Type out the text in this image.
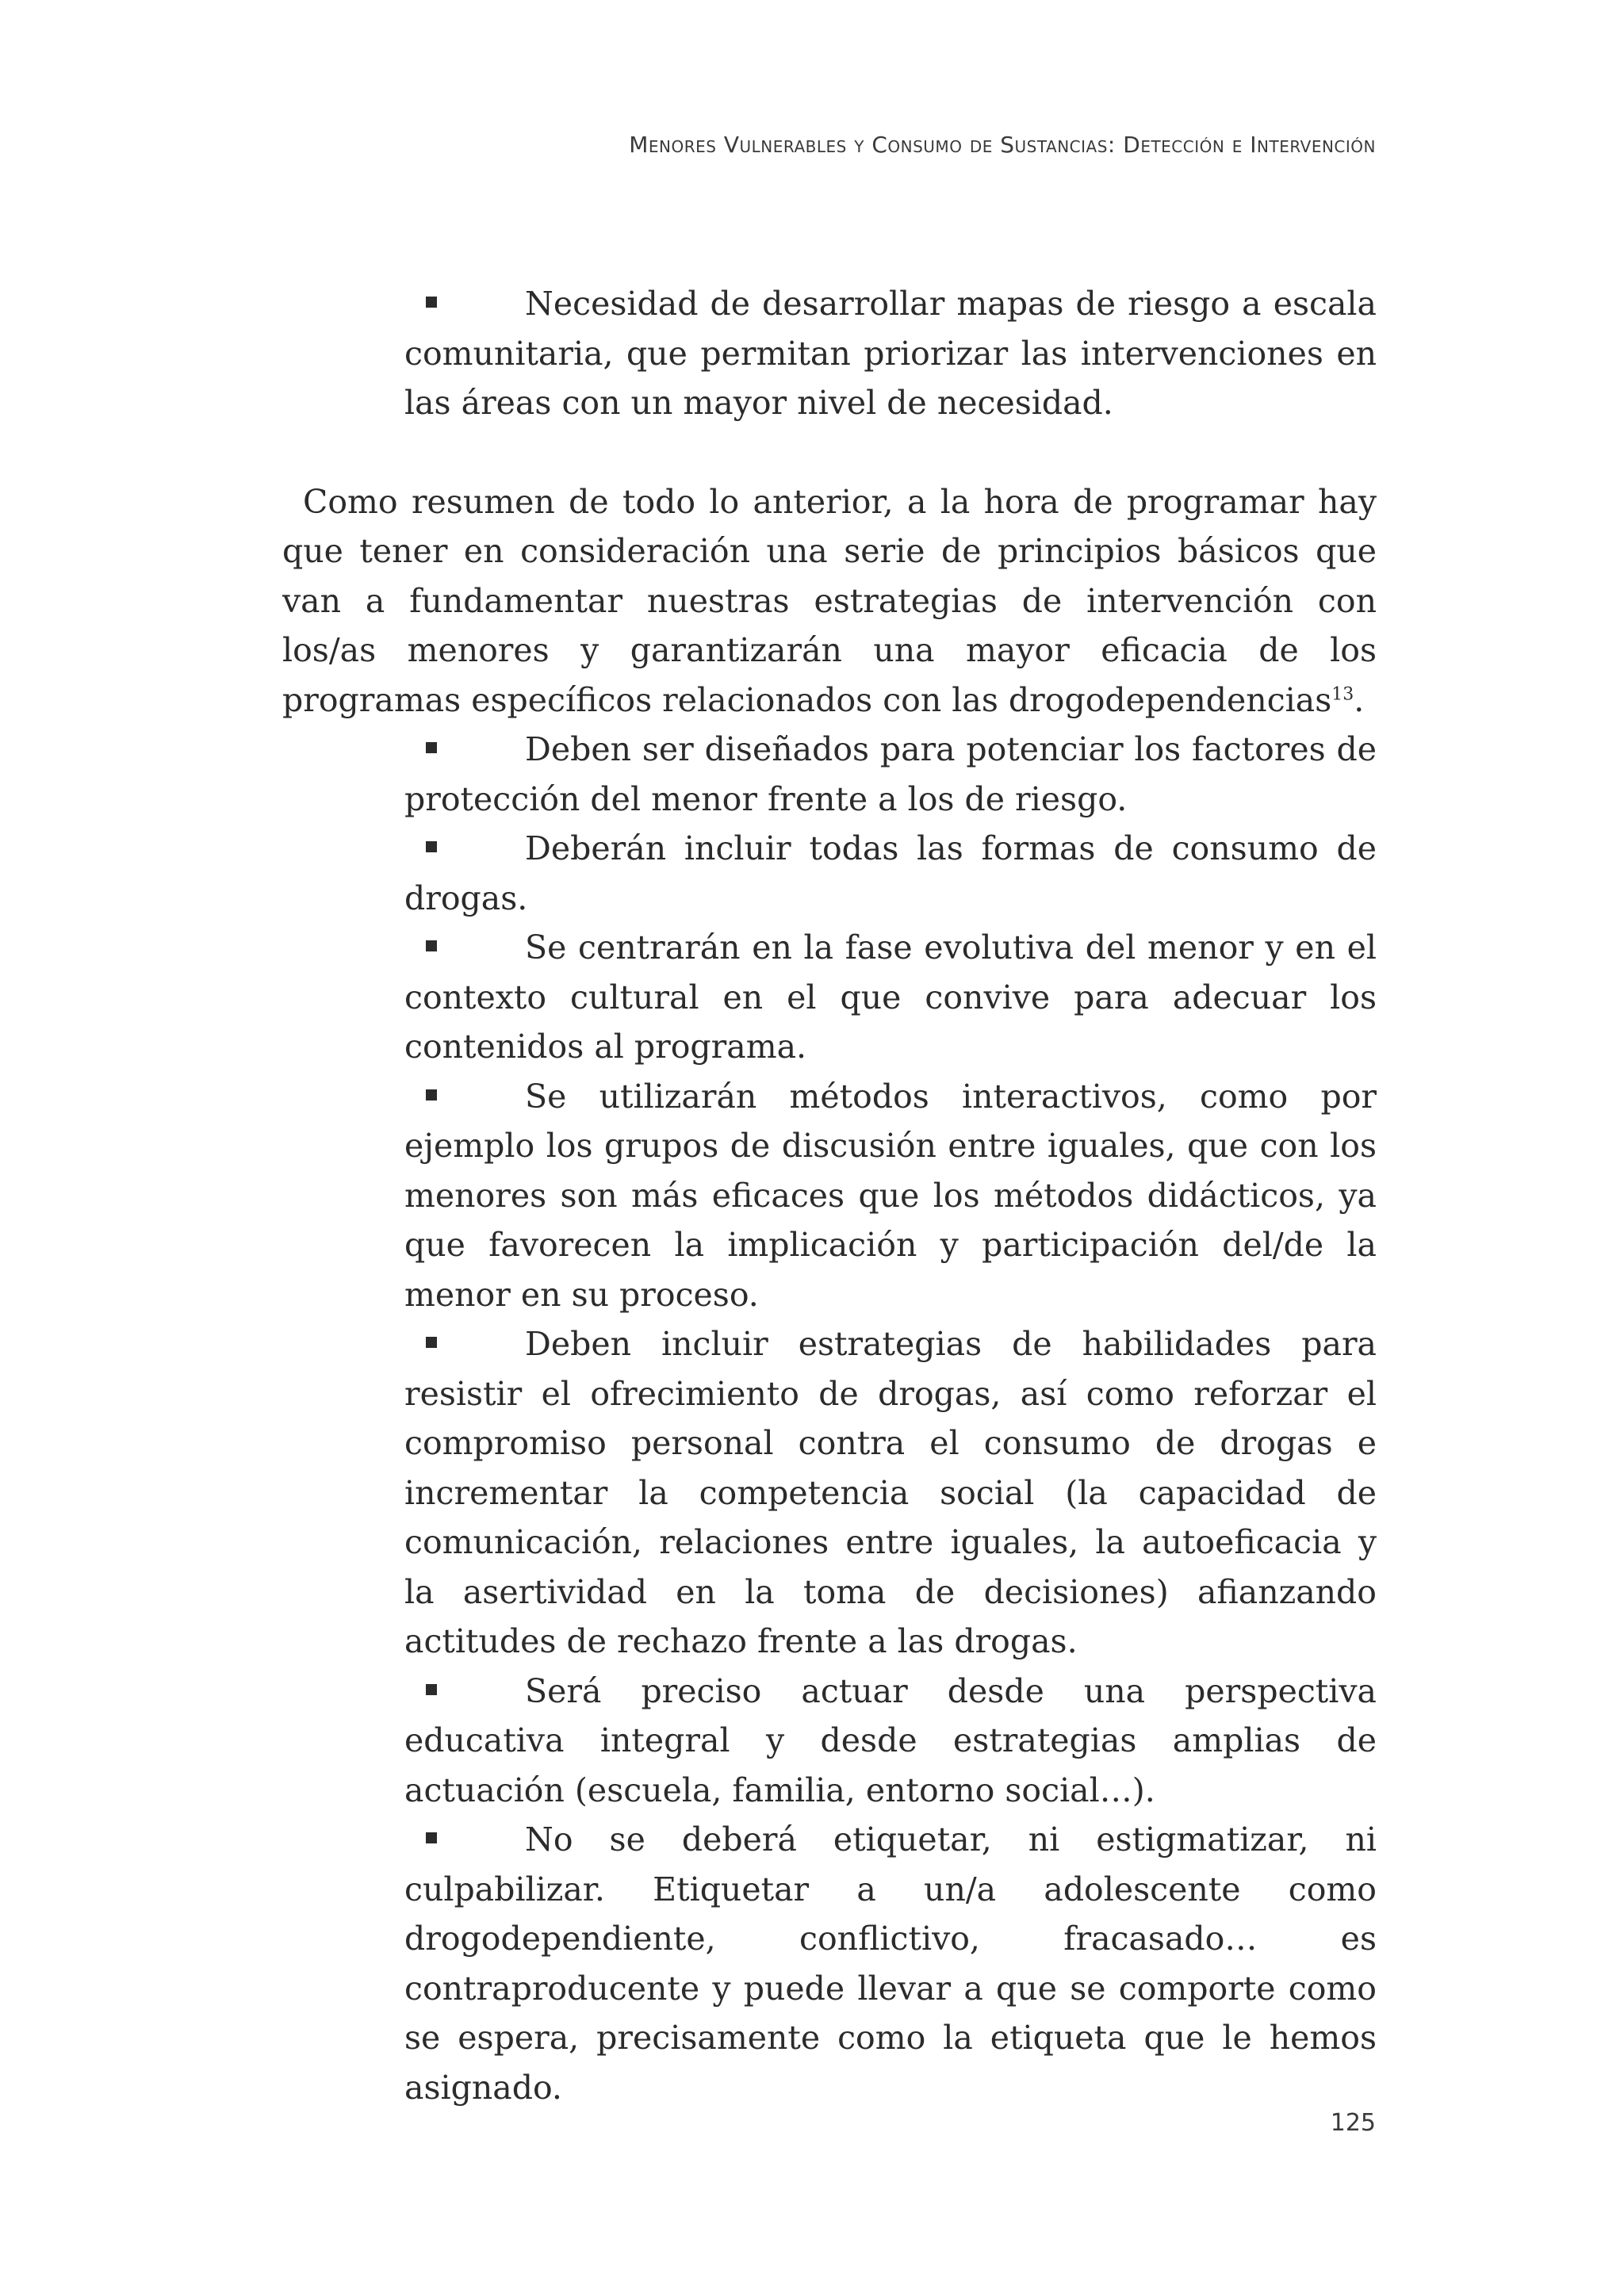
Menores Vulnerables y Consumo de Sustancias: Detección e Intervención
Necesidad de desarrollar mapas de riesgo a escala comunitaria, que permitan priorizar las intervenciones en las áreas con un mayor nivel de necesidad.

Como resumen de todo lo anterior, a la hora de programar hay que tener en consideración una serie de principios básicos que van a fundamentar nuestras estrategias de intervención con los/as menores y garantizarán una mayor eficacia de los programas específicos relacionados con las drogodependencias$^{13}$.

Deben ser diseñados para potenciar los factores de protección del menor frente a los de riesgo.
Deberán incluir todas las formas de consumo de drogas.
Se centrarán en la fase evolutiva del menor y en el contexto cultural en el que convive para adecuar los contenidos al programa.
Se utilizarán métodos interactivos, como por ejemplo los grupos de discusión entre iguales, que con los menores son más eficaces que los métodos didácticos, ya que favorecen la implicación y participación del/de la menor en su proceso.
Deben incluir estrategias de habilidades para resistir el ofrecimiento de drogas, así como reforzar el compromiso personal contra el consumo de drogas e incrementar la competencia social (la capacidad de comunicación, relaciones entre iguales, la autoeficacia y la asertividad en la toma de decisiones) afianzando actitudes de rechazo frente a las drogas.
Será preciso actuar desde una perspectiva educativa integral y desde estrategias amplias de actuación (escuela, familia, entorno social…).
No se deberá etiquetar, ni estigmatizar, ni culpabilizar. Etiquetar a un/a adolescente como drogodependiente, conflictivo, fracasado… es contraproducente y puede llevar a que se comporte como se espera, precisamente como la etiqueta que le hemos asignado.
125
